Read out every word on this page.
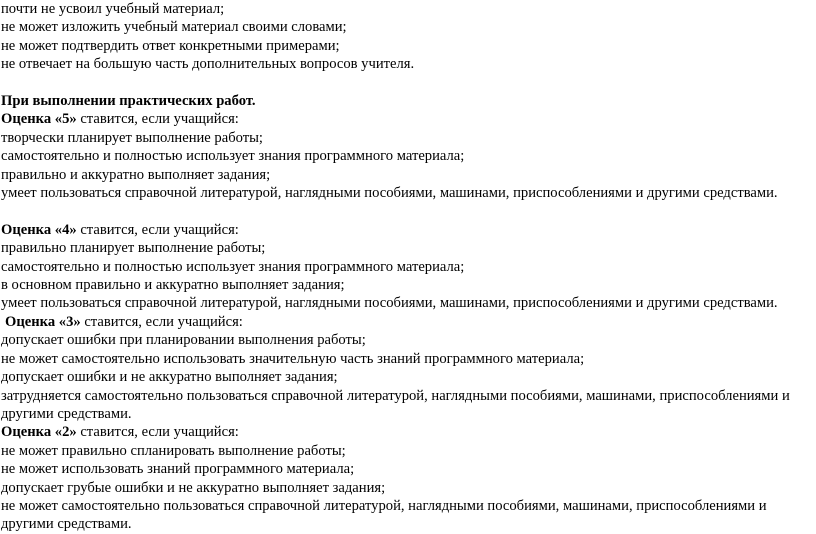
почти не усвоил учебный материал;
не может изложить учебный материал своими словами;
не может подтвердить ответ конкретными примерами;
не отвечает на большую часть дополнительных вопросов учителя.
При выполнении практических работ.
Оценка «5» ставится, если учащийся:
творчески планирует выполнение работы;
самостоятельно и полностью использует знания программного материала;
правильно и аккуратно выполняет задания;
умеет пользоваться справочной литературой, наглядными пособиями, машинами, приспособлениями и другими средствами.
Оценка «4» ставится, если учащийся:
правильно планирует выполнение работы;
самостоятельно и полностью использует знания программного материала;
в основном правильно и аккуратно выполняет задания;
умеет пользоваться справочной литературой, наглядными пособиями, машинами, приспособлениями и другими средствами.
Оценка «3» ставится, если учащийся:
допускает ошибки при планировании выполнения работы;
не может самостоятельно использовать значительную часть знаний программного материала;
допускает ошибки и не аккуратно выполняет задания;
затрудняется самостоятельно пользоваться справочной литературой, наглядными пособиями, машинами, приспособлениями и другими средствами.
Оценка «2» ставится, если учащийся:
не может правильно спланировать выполнение работы;
не может использовать знаний программного материала;
допускает грубые ошибки и не аккуратно выполняет задания;
не может самостоятельно пользоваться справочной литературой, наглядными пособиями, машинами, приспособлениями и другими средствами.
